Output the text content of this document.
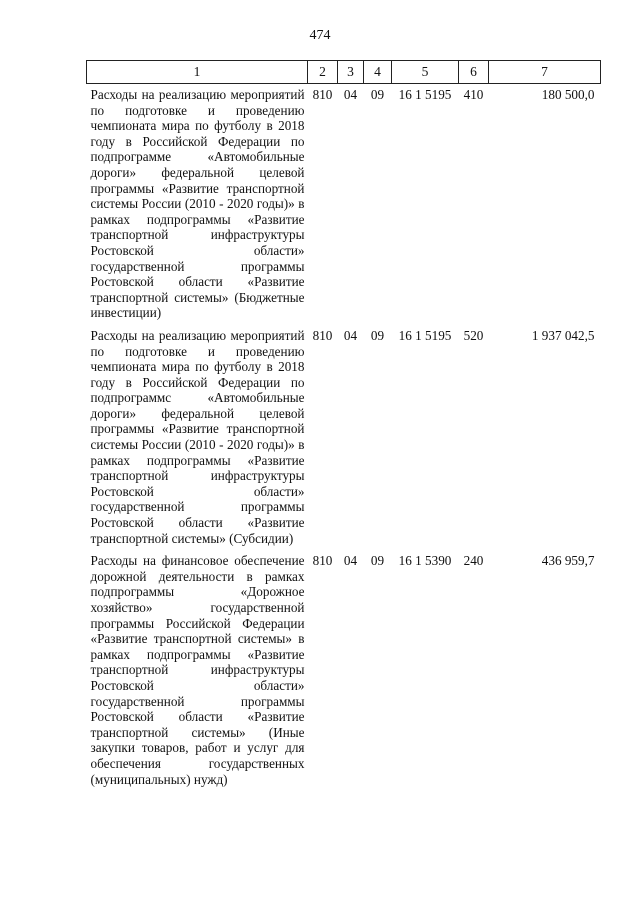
474
1	2	3	4	5	6	7
Расходы на реализацию мероприятий по подготовке и проведению чемпионата мира по футболу в 2018 году в Российской Федерации по подпрограмме «Автомобильные дороги» федеральной целевой программы «Развитие транспортной системы России (2010 - 2020 годы)» в рамках подпрограммы «Развитие транспортной инфраструктуры Ростовской области» государственной программы Ростовской области «Развитие транспортной системы» (Бюджетные инвестиции)	810	04	09	16 1 5195	410	180 500,0
Расходы на реализацию мероприятий по подготовке и проведению чемпионата мира по футболу в 2018 году в Российской Федерации по подпрограммс «Автомобильные дороги» федеральной целевой программы «Развитие транспортной системы России (2010 - 2020 годы)» в рамках подпрограммы «Развитие транспортной инфраструктуры Ростовской области» государственной программы Ростовской области «Развитие транспортной системы» (Субсидии)	810	04	09	16 1 5195	520	1 937 042,5
Расходы на финансовое обеспечение дорожной деятельности в рамках подпрограммы «Дорожное хозяйство» государственной программы Российской Федерации «Развитие транспортной системы» в рамках подпрограммы «Развитие транспортной инфраструктуры Ростовской области» государственной программы Ростовской области «Развитие транспортной системы» (Иные закупки товаров, работ и услуг для обеспечения государственных (муниципальных) нужд)	810	04	09	16 1 5390	240	436 959,7
